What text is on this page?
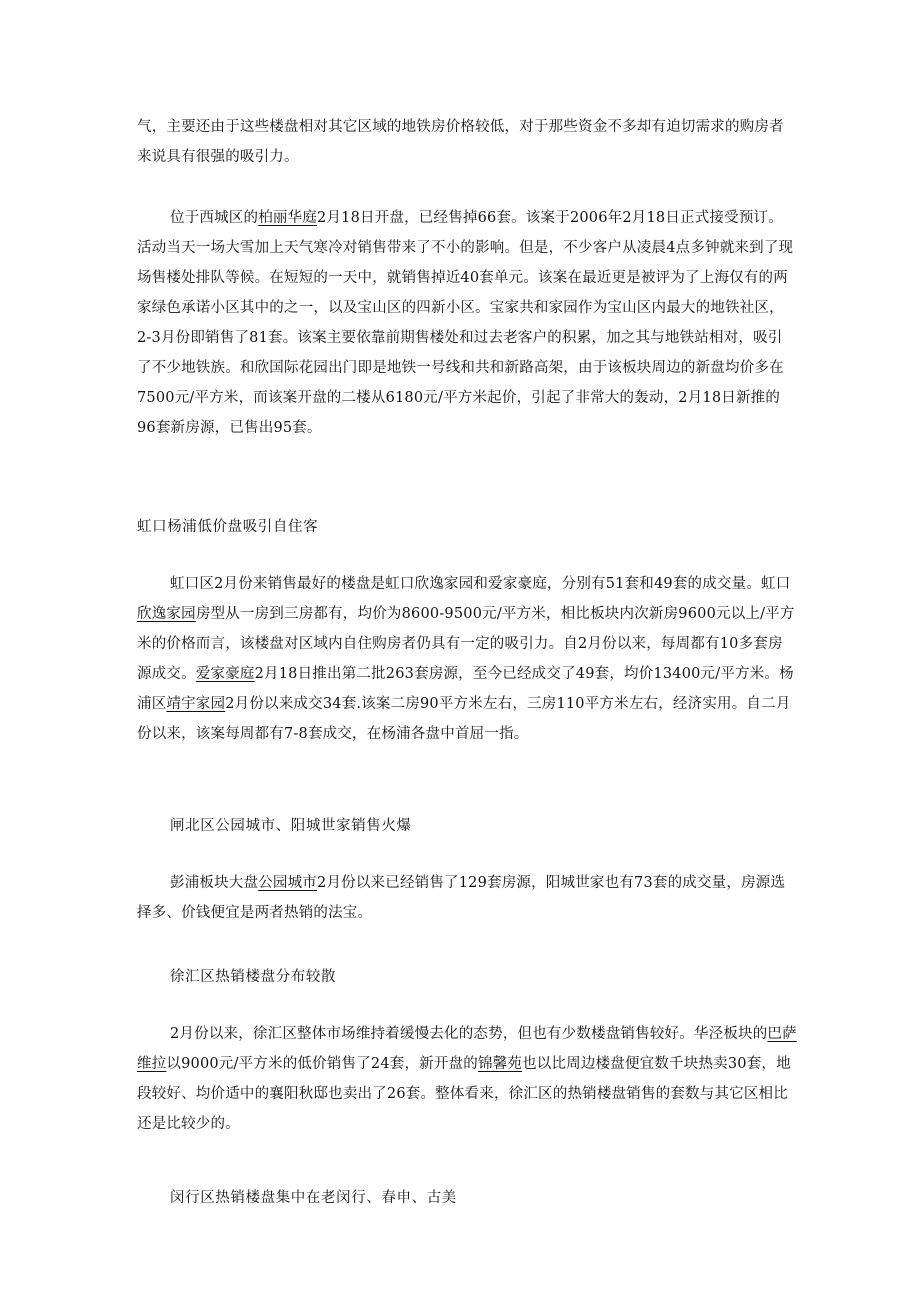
气，主要还由于这些楼盘相对其它区域的地铁房价格较低，对于那些资金不多却有迫切需求的购房者来说具有很强的吸引力。

位于西城区的柏丽华庭2月18日开盘，已经售掉66套。该案于2006年2月18日正式接受预订。活动当天一场大雪加上天气寒冷对销售带来了不小的影响。但是，不少客户从凌晨4点多钟就来到了现场售楼处排队等候。在短短的一天中，就销售掉近40套单元。该案在最近更是被评为了上海仅有的两家绿色承诺小区其中的之一，以及宝山区的四新小区。宝家共和家园作为宝山区内最大的地铁社区，2-3月份即销售了81套。该案主要依靠前期售楼处和过去老客户的积累，加之其与地铁站相对，吸引了不少地铁族。和欣国际花园出门即是地铁一号线和共和新路高架，由于该板块周边的新盘均价多在7500元/平方米，而该案开盘的二楼从6180元/平方米起价，引起了非常大的轰动，2月18日新推的96套新房源，已售出95套。

虹口杨浦低价盘吸引自住客

虹口区2月份来销售最好的楼盘是虹口欣逸家园和爱家豪庭，分别有51套和49套的成交量。虹口欣逸家园房型从一房到三房都有，均价为8600-9500元/平方米，相比板块内次新房9600元以上/平方米的价格而言，该楼盘对区域内自住购房者仍具有一定的吸引力。自2月份以来，每周都有10多套房源成交。爱家豪庭2月18日推出第二批263套房源，至今已经成交了49套，均价13400元/平方米。杨浦区靖宇家园2月份以来成交34套.该案二房90平方米左右，三房110平方米左右，经济实用。自二月份以来，该案每周都有7-8套成交，在杨浦各盘中首屈一指。

闸北区公园城市、阳城世家销售火爆

彭浦板块大盘公园城市2月份以来已经销售了129套房源，阳城世家也有73套的成交量，房源选择多、价钱便宜是两者热销的法宝。

徐汇区热销楼盘分布较散

2月份以来，徐汇区整体市场维持着缓慢去化的态势，但也有少数楼盘销售较好。华泾板块的巴萨维拉以9000元/平方米的低价销售了24套，新开盘的锦馨苑也以比周边楼盘便宜数千块热卖30套，地段较好、均价适中的襄阳秋邸也卖出了26套。整体看来，徐汇区的热销楼盘销售的套数与其它区相比还是比较少的。

闵行区热销楼盘集中在老闵行、春申、古美
